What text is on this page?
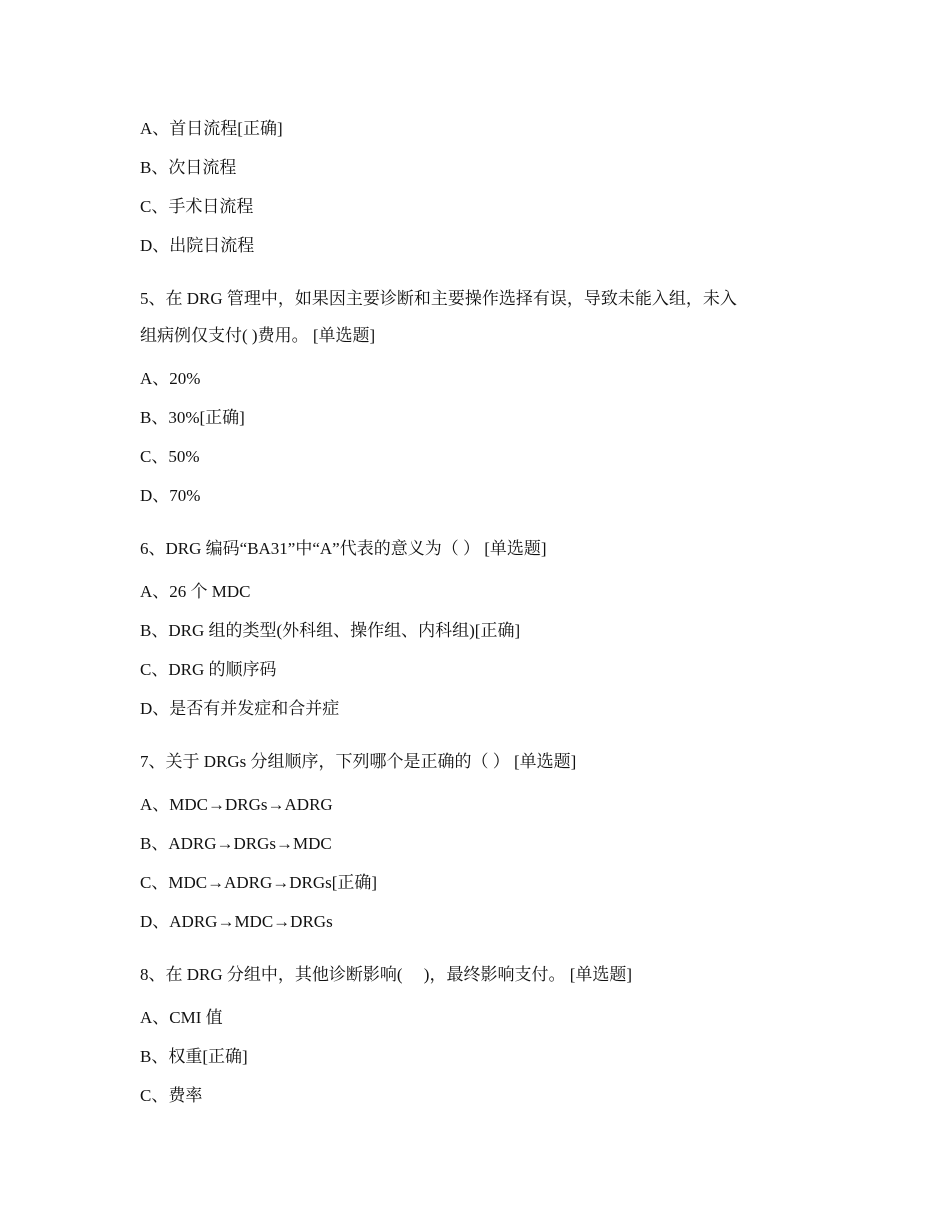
A、首日流程[正确]
B、次日流程
C、手术日流程
D、出院日流程
5、在 DRG 管理中，如果因主要诊断和主要操作选择有误，导致未能入组，未入
组病例仅支付( )费用。 [单选题]
A、20%
B、30%[正确]
C、50%
D、70%
6、DRG 编码“BA31”中“A”代表的意义为（ ） [单选题]
A、26 个 MDC
B、DRG 组的类型(外科组、操作组、内科组)[正确]
C、DRG 的顺序码
D、是否有并发症和合并症
7、关于 DRGs 分组顺序，下列哪个是正确的（ ） [单选题]
A、MDC→DRGs→ADRG
B、ADRG→DRGs→MDC
C、MDC→ADRG→DRGs[正确]
D、ADRG→MDC→DRGs
8、在 DRG 分组中，其他诊断影响(     )，最终影响支付。 [单选题]
A、CMI 值
B、权重[正确]
C、费率
